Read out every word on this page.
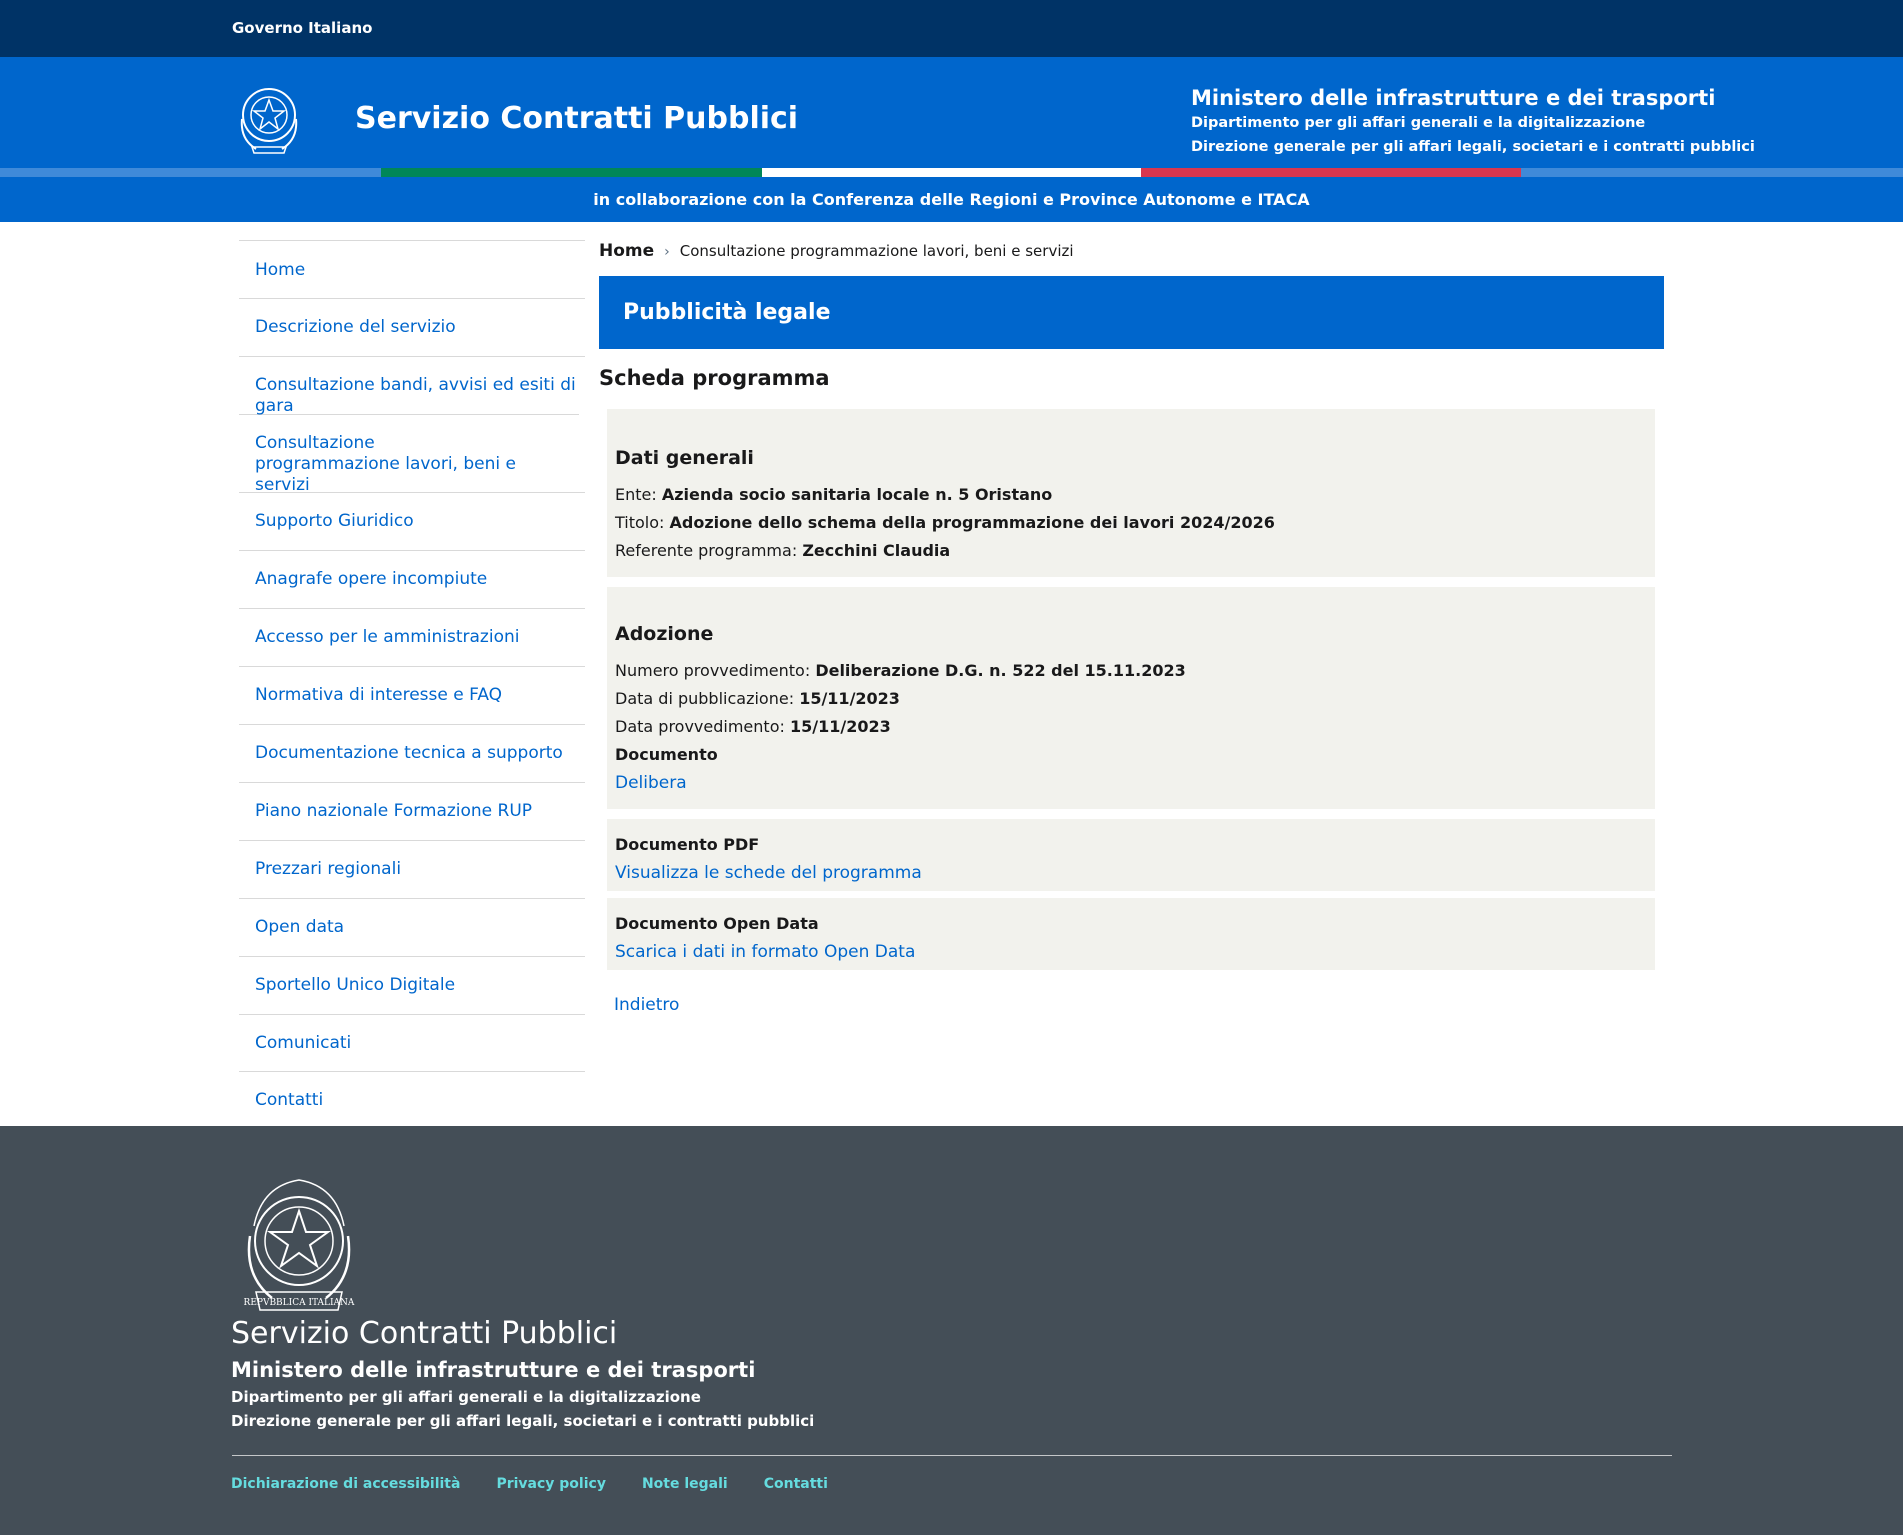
Governo Italiano
Servizio Contratti Pubblici
Ministero delle infrastrutture e dei trasporti
Dipartimento per gli affari generali e la digitalizzazione
Direzione generale per gli affari legali, societari e i contratti pubblici
in collaborazione con la Conferenza delle Regioni e Province Autonome e ITACA
Home
Descrizione del servizio
Consultazione bandi, avvisi ed esiti di gara
Consultazione programmazione lavori, beni e servizi
Supporto Giuridico
Anagrafe opere incompiute
Accesso per le amministrazioni
Normativa di interesse e FAQ
Documentazione tecnica a supporto
Piano nazionale Formazione RUP
Prezzari regionali
Open data
Sportello Unico Digitale
Comunicati
Contatti
Home › Consultazione programmazione lavori, beni e servizi
Pubblicità legale
Scheda programma
Dati generali
Ente: Azienda socio sanitaria locale n. 5 Oristano
Titolo: Adozione dello schema della programmazione dei lavori 2024/2026
Referente programma: Zecchini Claudia
Adozione
Numero provvedimento: Deliberazione D.G. n. 522 del 15.11.2023
Data di pubblicazione: 15/11/2023
Data provvedimento: 15/11/2023
Documento
Delibera
Documento PDF
Visualizza le schede del programma
Documento Open Data
Scarica i dati in formato Open Data
Indietro
REPVBBLICA ITALIANA
Servizio Contratti Pubblici
Ministero delle infrastrutture e dei trasporti
Dipartimento per gli affari generali e la digitalizzazione
Direzione generale per gli affari legali, societari e i contratti pubblici
Dichiarazione di accessibilità	Privacy policy	Note legali	Contatti
